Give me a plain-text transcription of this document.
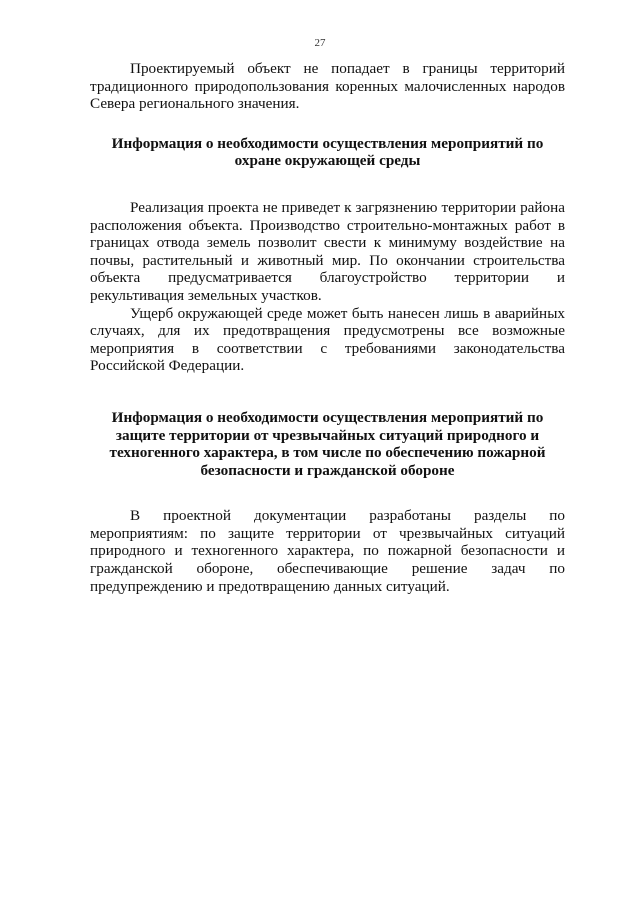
27

Проектируемый объект не попадает в границы территорий традиционного природопользования коренных малочисленных народов Севера регионального значения.

Информация о необходимости осуществления мероприятий по охране окружающей среды

Реализация проекта не приведет к загрязнению территории района расположения объекта. Производство строительно-монтажных работ в границах отвода земель позволит свести к минимуму воздействие на почвы, растительный и животный мир. По окончании строительства объекта предусматривается благоустройство территории и рекультивация земельных участков.

Ущерб окружающей среде может быть нанесен лишь в аварийных случаях, для их предотвращения предусмотрены все возможные мероприятия в соответствии с требованиями законодательства Российской Федерации.

Информация о необходимости осуществления мероприятий по защите территории от чрезвычайных ситуаций природного и техногенного характера, в том числе по обеспечению пожарной безопасности и гражданской обороне

В проектной документации разработаны разделы по мероприятиям: по защите территории от чрезвычайных ситуаций природного и техногенного характера, по пожарной безопасности и гражданской обороне, обеспечивающие решение задач по предупреждению и предотвращению данных ситуаций.
